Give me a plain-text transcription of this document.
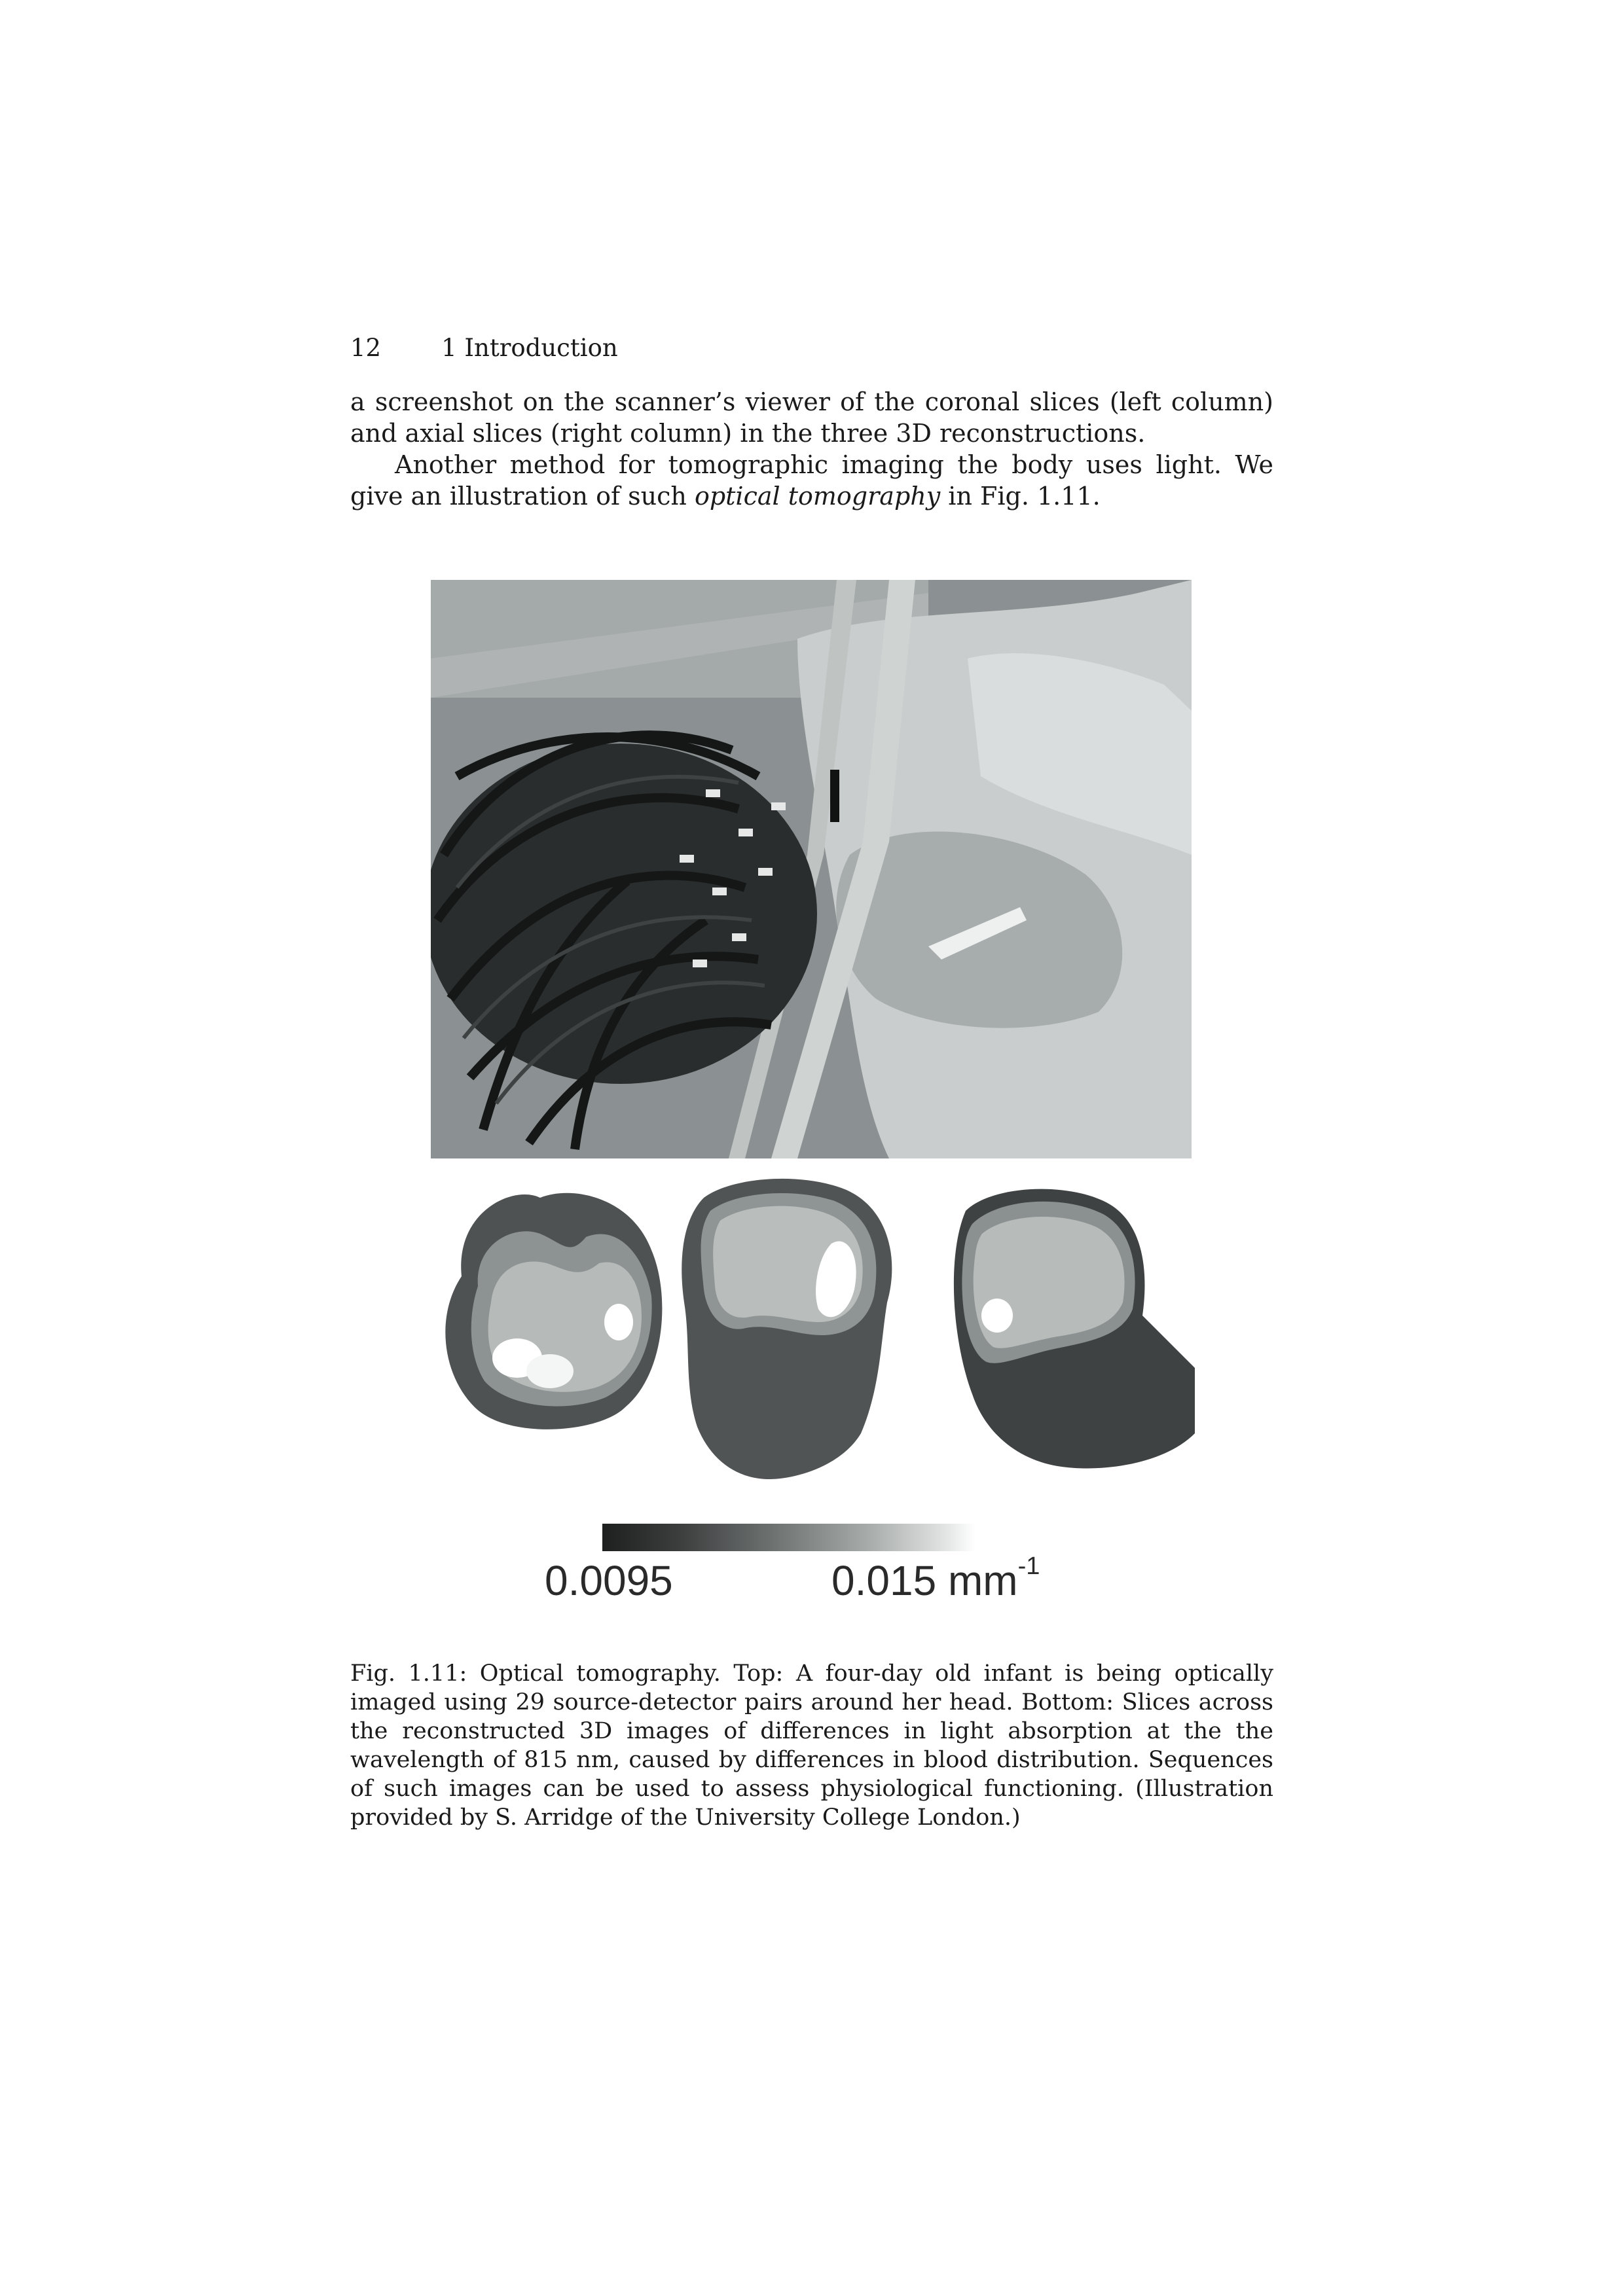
12 1 Introduction

a screenshot on the scanner’s viewer of the coronal slices (left column) and axial slices (right column) in the three 3D reconstructions.

Another method for tomographic imaging the body uses light. We give an illustration of such optical tomography in Fig. 1.11.

0.0095	0.015 $mm^{-1}$
Fig. 1.11: Optical tomography. Top: A four-day old infant is being optically imaged using 29 source-detector pairs around her head. Bottom: Slices across the reconstructed 3D images of differences in light absorption at the the wavelength of 815 nm, caused by differences in blood distribution. Sequences of such images can be used to assess physiological functioning. (Illustration provided by S. Arridge of the University College London.)
